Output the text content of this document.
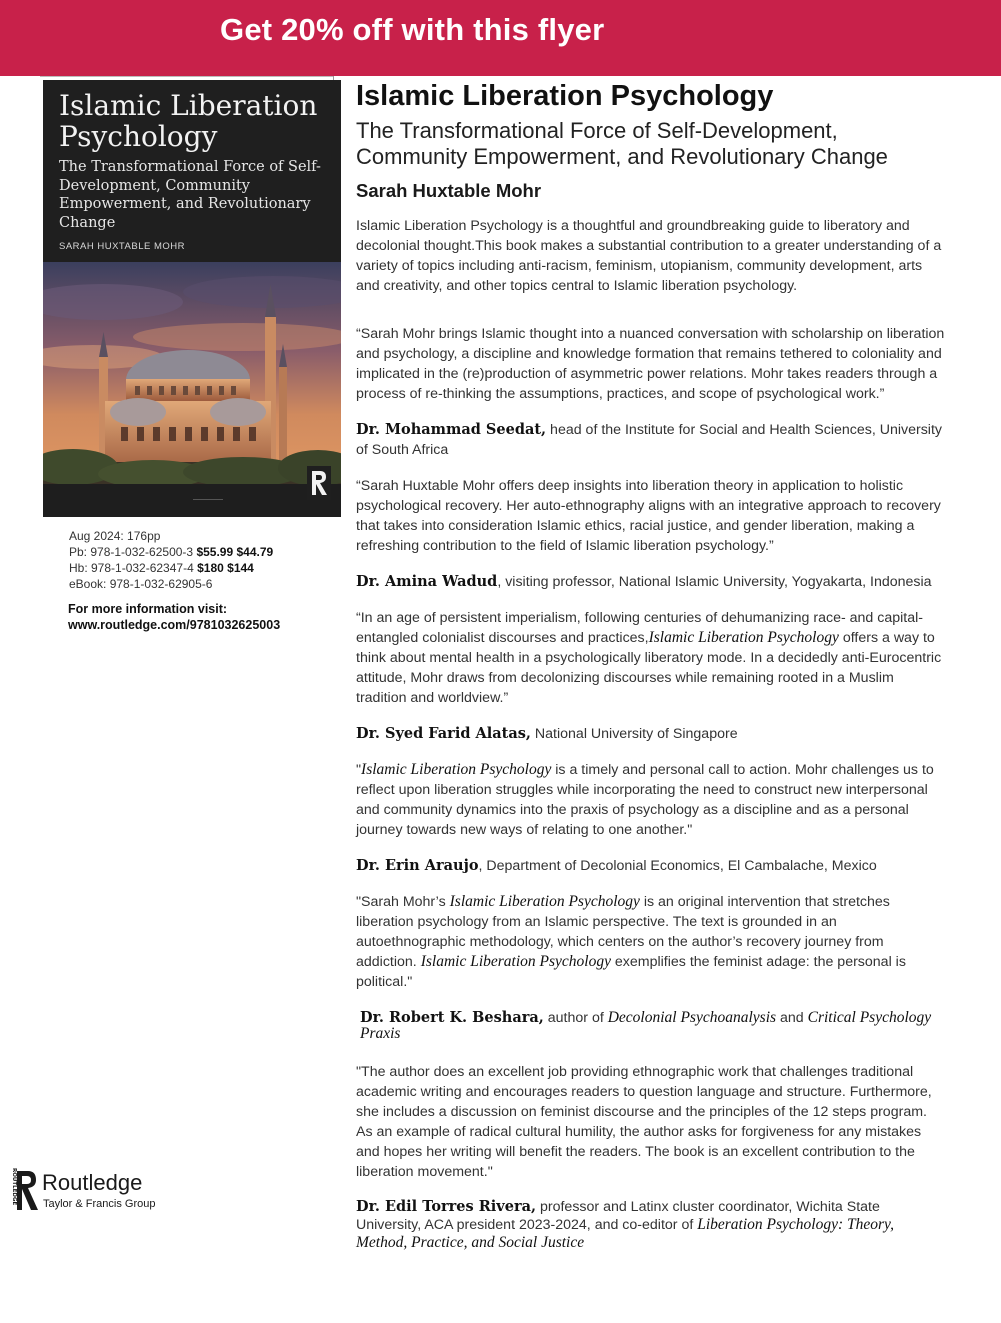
Get 20% off with this flyer
Islamic Liberation Psychology
The Transformational Force of Self-Development, Community Empowerment, and Revolutionary Change
SARAH HUXTABLE MOHR
Aug 2024: 176pp
Pb: 978-1-032-62500-3 $55.99 $44.79
Hb: 978-1-032-62347-4 $180 $144
eBook: 978-1-032-62905-6
For more information visit:
www.routledge.com/9781032625003
ROUTLEDGE Routledge
Taylor & Francis Group
Islamic Liberation Psychology
The Transformational Force of Self-Development, Community Empowerment, and Revolutionary Change
Sarah Huxtable Mohr

Islamic Liberation Psychology is a thoughtful and groundbreaking guide to liberatory and decolonial thought.This book makes a substantial contribution to a greater understanding of a variety of topics including anti-racism, feminism, utopianism, community development, arts and creativity, and other topics central to Islamic liberation psychology.

“Sarah Mohr brings Islamic thought into a nuanced conversation with scholarship on liberation and psychology, a discipline and knowledge formation that remains tethered to coloniality and implicated in the (re)production of asymmetric power relations. Mohr takes readers through a process of re-thinking the assumptions, practices, and scope of psychological work.”

Dr. Mohammad Seedat, head of the Institute for Social and Health Sciences, University of South Africa

“Sarah Huxtable Mohr offers deep insights into liberation theory in application to holistic psychological recovery. Her auto-ethnography aligns with an integrative approach to recovery that takes into consideration Islamic ethics, racial justice, and gender liberation, making a refreshing contribution to the field of Islamic liberation psychology.”

Dr. Amina Wadud, visiting professor, National Islamic University, Yogyakarta, Indonesia

“In an age of persistent imperialism, following centuries of dehumanizing race- and capital-entangled colonialist discourses and practices,Islamic Liberation Psychology offers a way to think about mental health in a psychologically liberatory mode. In a decidedly anti-Eurocentric attitude, Mohr draws from decolonizing discourses while remaining rooted in a Muslim tradition and worldview.”

Dr. Syed Farid Alatas, National University of Singapore

"Islamic Liberation Psychology is a timely and personal call to action. Mohr challenges us to reflect upon liberation struggles while incorporating the need to construct new interpersonal and community dynamics into the praxis of psychology as a discipline and as a personal journey towards new ways of relating to one another."

Dr. Erin Araujo, Department of Decolonial Economics, El Cambalache, Mexico

"Sarah Mohr’s Islamic Liberation Psychology is an original intervention that stretches liberation psychology from an Islamic perspective. The text is grounded in an autoethnographic methodology, which centers on the author’s recovery journey from addiction. Islamic Liberation Psychology exemplifies the feminist adage: the personal is political."

Dr. Robert K. Beshara, author of Decolonial Psychoanalysis and Critical Psychology Praxis

"The author does an excellent job providing ethnographic work that challenges traditional academic writing and encourages readers to question language and structure. Furthermore, she includes a discussion on feminist discourse and the principles of the 12 steps program. As an example of radical cultural humility, the author asks for forgiveness for any mistakes and hopes her writing will benefit the readers. The book is an excellent contribution to the liberation movement."

Dr. Edil Torres Rivera, professor and Latinx cluster coordinator, Wichita State University, ACA president 2023-2024, and co-editor of Liberation Psychology: Theory, Method, Practice, and Social Justice
